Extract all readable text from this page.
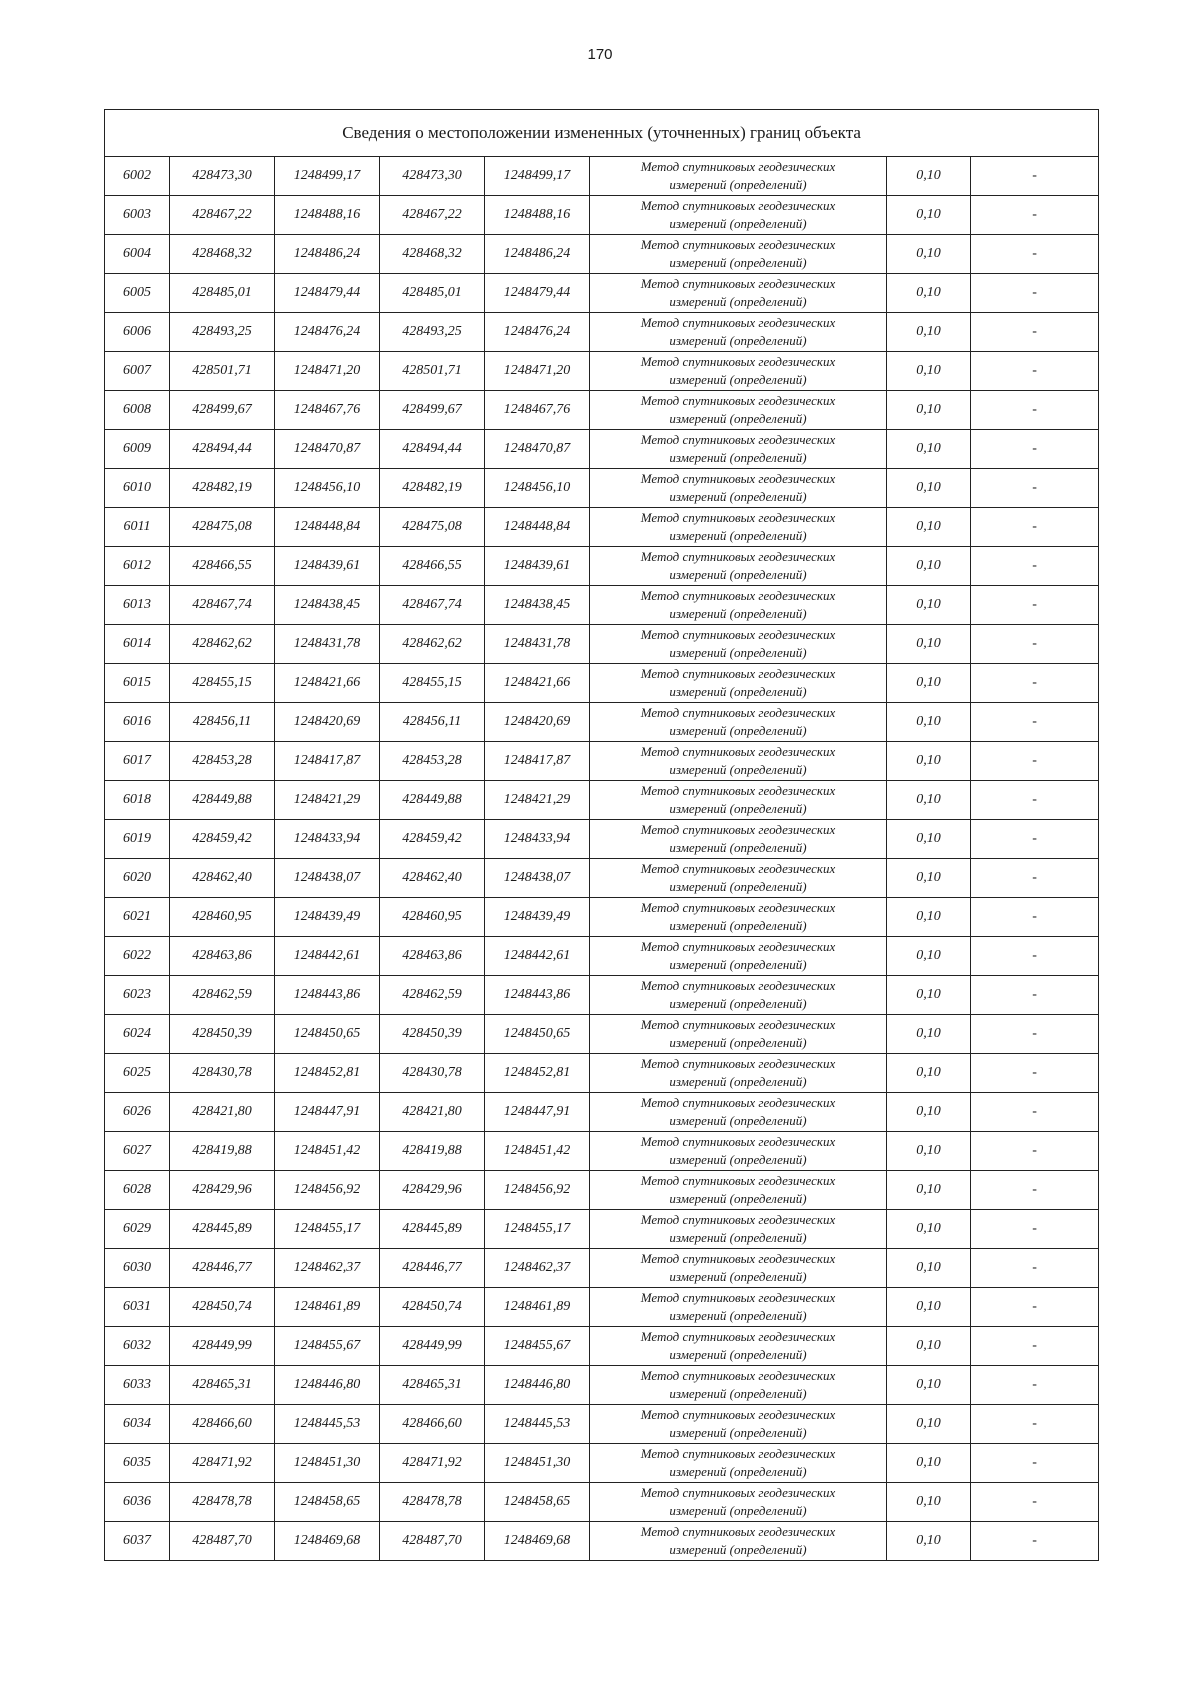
170
Сведения о местоположении измененных (уточненных) границ объекта							
6002	428473,30	1248499,17	428473,30	1248499,17	Метод спутниковых геодезических
измерений (определений)	0,10	-
6003	428467,22	1248488,16	428467,22	1248488,16	Метод спутниковых геодезических
измерений (определений)	0,10	-
6004	428468,32	1248486,24	428468,32	1248486,24	Метод спутниковых геодезических
измерений (определений)	0,10	-
6005	428485,01	1248479,44	428485,01	1248479,44	Метод спутниковых геодезических
измерений (определений)	0,10	-
6006	428493,25	1248476,24	428493,25	1248476,24	Метод спутниковых геодезических
измерений (определений)	0,10	-
6007	428501,71	1248471,20	428501,71	1248471,20	Метод спутниковых геодезических
измерений (определений)	0,10	-
6008	428499,67	1248467,76	428499,67	1248467,76	Метод спутниковых геодезических
измерений (определений)	0,10	-
6009	428494,44	1248470,87	428494,44	1248470,87	Метод спутниковых геодезических
измерений (определений)	0,10	-
6010	428482,19	1248456,10	428482,19	1248456,10	Метод спутниковых геодезических
измерений (определений)	0,10	-
6011	428475,08	1248448,84	428475,08	1248448,84	Метод спутниковых геодезических
измерений (определений)	0,10	-
6012	428466,55	1248439,61	428466,55	1248439,61	Метод спутниковых геодезических
измерений (определений)	0,10	-
6013	428467,74	1248438,45	428467,74	1248438,45	Метод спутниковых геодезических
измерений (определений)	0,10	-
6014	428462,62	1248431,78	428462,62	1248431,78	Метод спутниковых геодезических
измерений (определений)	0,10	-
6015	428455,15	1248421,66	428455,15	1248421,66	Метод спутниковых геодезических
измерений (определений)	0,10	-
6016	428456,11	1248420,69	428456,11	1248420,69	Метод спутниковых геодезических
измерений (определений)	0,10	-
6017	428453,28	1248417,87	428453,28	1248417,87	Метод спутниковых геодезических
измерений (определений)	0,10	-
6018	428449,88	1248421,29	428449,88	1248421,29	Метод спутниковых геодезических
измерений (определений)	0,10	-
6019	428459,42	1248433,94	428459,42	1248433,94	Метод спутниковых геодезических
измерений (определений)	0,10	-
6020	428462,40	1248438,07	428462,40	1248438,07	Метод спутниковых геодезических
измерений (определений)	0,10	-
6021	428460,95	1248439,49	428460,95	1248439,49	Метод спутниковых геодезических
измерений (определений)	0,10	-
6022	428463,86	1248442,61	428463,86	1248442,61	Метод спутниковых геодезических
измерений (определений)	0,10	-
6023	428462,59	1248443,86	428462,59	1248443,86	Метод спутниковых геодезических
измерений (определений)	0,10	-
6024	428450,39	1248450,65	428450,39	1248450,65	Метод спутниковых геодезических
измерений (определений)	0,10	-
6025	428430,78	1248452,81	428430,78	1248452,81	Метод спутниковых геодезических
измерений (определений)	0,10	-
6026	428421,80	1248447,91	428421,80	1248447,91	Метод спутниковых геодезических
измерений (определений)	0,10	-
6027	428419,88	1248451,42	428419,88	1248451,42	Метод спутниковых геодезических
измерений (определений)	0,10	-
6028	428429,96	1248456,92	428429,96	1248456,92	Метод спутниковых геодезических
измерений (определений)	0,10	-
6029	428445,89	1248455,17	428445,89	1248455,17	Метод спутниковых геодезических
измерений (определений)	0,10	-
6030	428446,77	1248462,37	428446,77	1248462,37	Метод спутниковых геодезических
измерений (определений)	0,10	-
6031	428450,74	1248461,89	428450,74	1248461,89	Метод спутниковых геодезических
измерений (определений)	0,10	-
6032	428449,99	1248455,67	428449,99	1248455,67	Метод спутниковых геодезических
измерений (определений)	0,10	-
6033	428465,31	1248446,80	428465,31	1248446,80	Метод спутниковых геодезических
измерений (определений)	0,10	-
6034	428466,60	1248445,53	428466,60	1248445,53	Метод спутниковых геодезических
измерений (определений)	0,10	-
6035	428471,92	1248451,30	428471,92	1248451,30	Метод спутниковых геодезических
измерений (определений)	0,10	-
6036	428478,78	1248458,65	428478,78	1248458,65	Метод спутниковых геодезических
измерений (определений)	0,10	-
6037	428487,70	1248469,68	428487,70	1248469,68	Метод спутниковых геодезических
измерений (определений)	0,10	-
